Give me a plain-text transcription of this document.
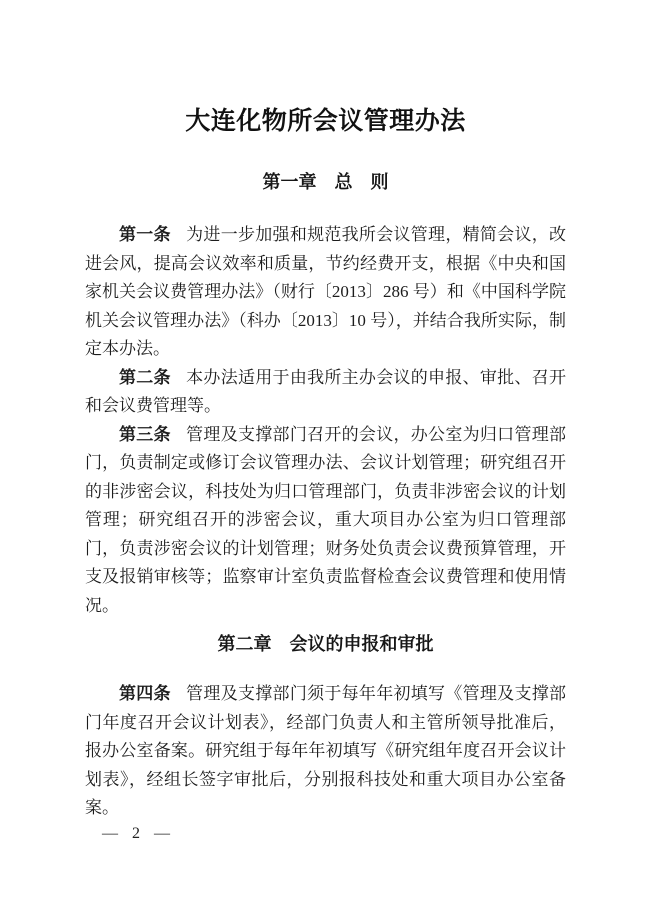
大连化物所会议管理办法
第一章　总　则

第一条 为进一步加强和规范我所会议管理，精简会议，改进会风，提高会议效率和质量，节约经费开支，根据《中央和国家机关会议费管理办法》（财行〔2013〕286 号）和《中国科学院机关会议管理办法》（科办〔2013〕10 号），并结合我所实际，制定本办法。

第二条 本办法适用于由我所主办会议的申报、审批、召开和会议费管理等。

第三条 管理及支撑部门召开的会议，办公室为归口管理部门，负责制定或修订会议管理办法、会议计划管理；研究组召开的非涉密会议，科技处为归口管理部门，负责非涉密会议的计划管理；研究组召开的涉密会议，重大项目办公室为归口管理部门，负责涉密会议的计划管理；财务处负责会议费预算管理，开支及报销审核等；监察审计室负责监督检查会议费管理和使用情况。

第二章　会议的申报和审批

第四条 管理及支撑部门须于每年年初填写《管理及支撑部门年度召开会议计划表》，经部门负责人和主管所领导批准后，报办公室备案。研究组于每年年初填写《研究组年度召开会议计划表》，经组长签字审批后，分别报科技处和重大项目办公室备案。

— 2 —
